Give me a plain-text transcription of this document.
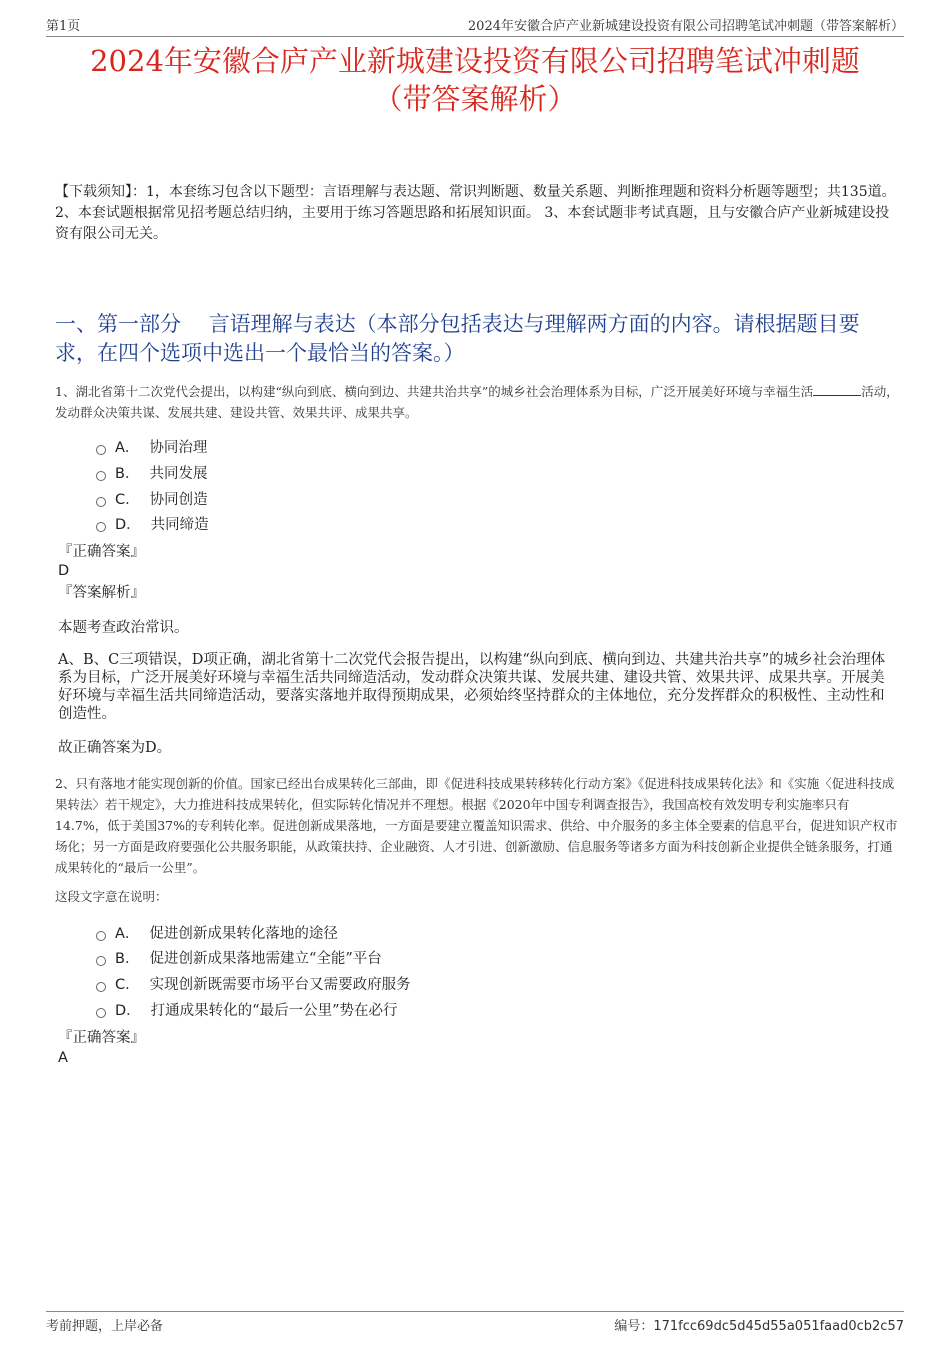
第1页	2024年安徽合庐产业新城建设投资有限公司招聘笔试冲刺题（带答案解析）
2024年安徽合庐产业新城建设投资有限公司招聘笔试冲刺题
（带答案解析）
【下载须知】：1，本套练习包含以下题型：言语理解与表达题、常识判断题、数量关系题、判断推理题和资料分析题等题型；共135道。 2、本套试题根据常见招考题总结归纳，主要用于练习答题思路和拓展知识面。 3、本套试题非考试真题，且与安徽合庐产业新城建设投资有限公司无关。
一、第一部分　 言语理解与表达（本部分包括表达与理解两方面的内容。请根据题目要求，在四个选项中选出一个最恰当的答案。）
1、湖北省第十二次党代会提出，以构建“纵向到底、横向到边、共建共治共享”的城乡社会治理体系为目标，广泛开展美好环境与幸福生活	活动，发动群众决策共谋、发展共建、建设共管、效果共评、成果共享。
A． 协同治理
B． 共同发展
C． 协同创造
D． 共同缔造
『正确答案』
D
『答案解析』
本题考查政治常识。
A、B、C三项错误，D项正确，湖北省第十二次党代会报告提出，以构建“纵向到底、横向到边、共建共治共享”的城乡社会治理体系为目标，广泛开展美好环境与幸福生活共同缔造活动，发动群众决策共谋、发展共建、建设共管、效果共评、成果共享。开展美好环境与幸福生活共同缔造活动，要落实落地并取得预期成果，必须始终坚持群众的主体地位，充分发挥群众的积极性、主动性和创造性。
故正确答案为D。
2、只有落地才能实现创新的价值。国家已经出台成果转化三部曲，即《促进科技成果转移转化行动方案》《促进科技成果转化法》和《实施〈促进科技成果转法〉若干规定》，大力推进科技成果转化，但实际转化情况并不理想。根据《2020年中国专利调查报告》，我国高校有效发明专利实施率只有14.7%，低于美国37%的专利转化率。促进创新成果落地，一方面是要建立覆盖知识需求、供给、中介服务的多主体全要素的信息平台，促进知识产权市场化；另一方面是政府要强化公共服务职能，从政策扶持、企业融资、人才引进、创新激励、信息服务等诸多方面为科技创新企业提供全链条服务，打通成果转化的“最后一公里”。
这段文字意在说明：
A． 促进创新成果转化落地的途径
B． 促进创新成果落地需建立“全能”平台
C． 实现创新既需要市场平台又需要政府服务
D． 打通成果转化的“最后一公里”势在必行
『正确答案』
A
考前押题，上岸必备	编号：171fcc69dc5d45d55a051faad0cb2c57
